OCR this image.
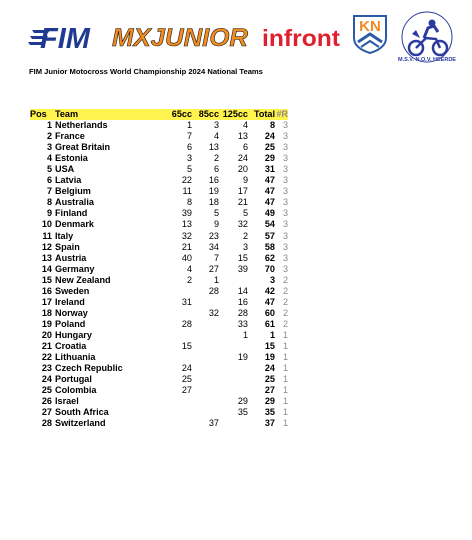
FIM MXJUNIOR infront KN
M.S.V. N.O.V. HEERDE
FIM Junior Motocross World Championship 2024 National Teams
Pos	Team	65cc	85cc	125cc	Total	#R
1	Netherlands	1	3	4	8	3
2	France	7	4	13	24	3
3	Great Britain	6	13	6	25	3
4	Estonia	3	2	24	29	3
5	USA	5	6	20	31	3
6	Latvia	22	16	9	47	3
7	Belgium	11	19	17	47	3
8	Australia	8	18	21	47	3
9	Finland	39	5	5	49	3
10	Denmark	13	9	32	54	3
11	Italy	32	23	2	57	3
12	Spain	21	34	3	58	3
13	Austria	40	7	15	62	3
14	Germany	4	27	39	70	3
15	New Zealand	2	1		3	2
16	Sweden		28	14	42	2
17	Ireland	31		16	47	2
18	Norway		32	28	60	2
19	Poland	28		33	61	2
20	Hungary			1	1	1
21	Croatia	15			15	1
22	Lithuania			19	19	1
23	Czech Republic	24			24	1
24	Portugal	25			25	1
25	Colombia	27			27	1
26	Israel			29	29	1
27	South Africa			35	35	1
28	Switzerland		37		37	1
